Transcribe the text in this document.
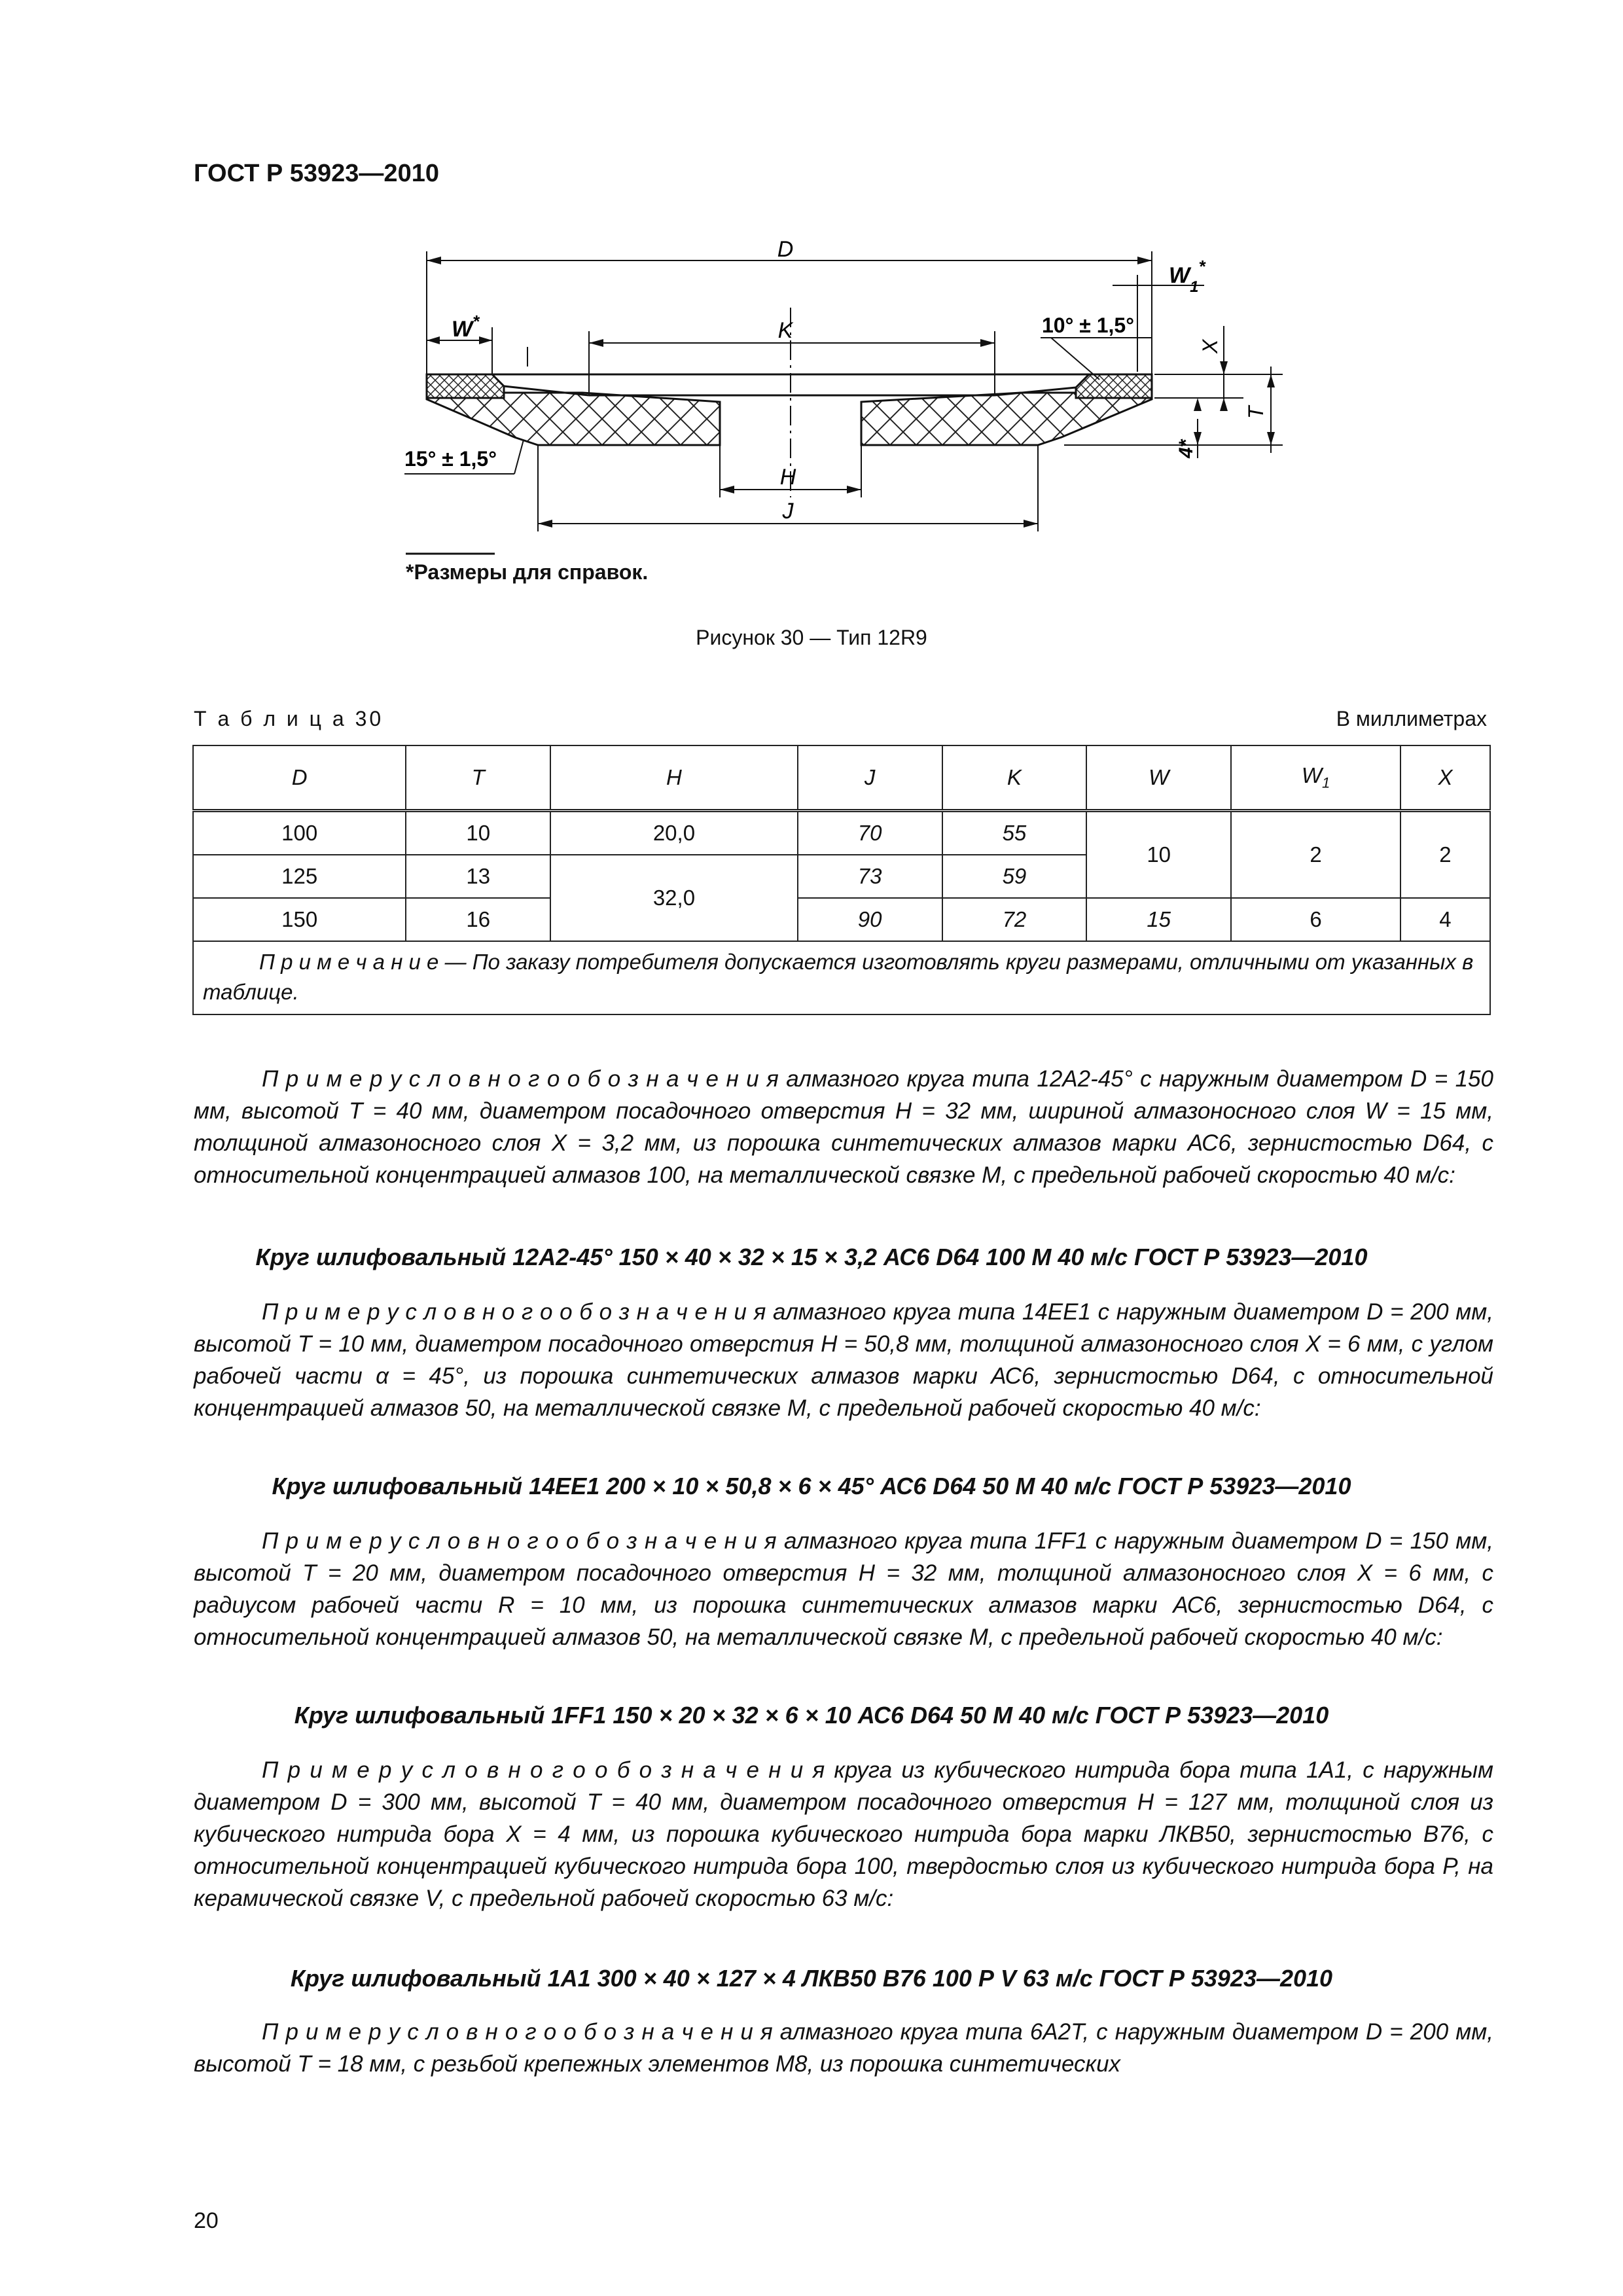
ГОСТ Р 53923—2010
D
$W_1^*$
W*	K	10° ± 1,5°
X
T
4*
15° ± 1,5°
H
J
*Размеры для справок.
Рисунок 30 — Тип 12R9
Т а б л и ц а 30	В миллиметрах
D	T	H	J	K	W	$W_1$	X
100	10	20,0	70	55	10	2	2
125	13	32,0	73	59			
150	16		90	72	15	6	4
П р и м е ч а н и е — По заказу потребителя допускается изготовлять круги размерами, отличными от указанных в таблице.							
П р и м е р у с л о в н о г о о б о з н а ч е н и я алмазного круга типа 12А2-45° с наружным диаметром D = 150 мм, высотой Т = 40 мм, диаметром посадочного отверстия Н = 32 мм, шириной алмазоносного слоя W = 15 мм, толщиной алмазоносного слоя Х = 3,2 мм, из порошка синтетических алмазов марки АС6, зернистостью D64, с относительной концентрацией алмазов 100, на металлической связке М, с предельной рабочей скоростью 40 м/с:
Круг шлифовальный 12А2-45° 150 × 40 × 32 × 15 × 3,2 АС6 D64 100 М 40 м/с ГОСТ Р 53923—2010
П р и м е р у с л о в н о г о о б о з н а ч е н и я алмазного круга типа 14ЕЕ1 с наружным диаметром D = 200 мм, высотой Т = 10 мм, диаметром посадочного отверстия Н = 50,8 мм, толщиной алмазоносного слоя Х = 6 мм, с углом рабочей части α = 45°, из порошка синтетических алмазов марки АС6, зернистостью D64, с относительной концентрацией алмазов 50, на металлической связке М, с предельной рабочей скоростью 40 м/с:
Круг шлифовальный 14ЕЕ1 200 × 10 × 50,8 × 6 × 45° АС6 D64 50 М 40 м/с ГОСТ Р 53923—2010
П р и м е р у с л о в н о г о о б о з н а ч е н и я алмазного круга типа 1FF1 с наружным диаметром D = 150 мм, высотой Т = 20 мм, диаметром посадочного отверстия Н = 32 мм, толщиной алмазоносного слоя Х = 6 мм, с радиусом рабочей части R = 10 мм, из порошка синтетических алмазов марки АС6, зернистостью D64, с относительной концентрацией алмазов 50, на металлической связке М, с предельной рабочей скоростью 40 м/с:
Круг шлифовальный 1FF1 150 × 20 × 32 × 6 × 10 АС6 D64 50 М 40 м/с ГОСТ Р 53923—2010
П р и м е р у с л о в н о г о о б о з н а ч е н и я круга из кубического нитрида бора типа 1А1, с наружным диаметром D = 300 мм, высотой Т = 40 мм, диаметром посадочного отверстия Н = 127 мм, толщиной слоя из кубического нитрида бора Х = 4 мм, из порошка кубического нитрида бора марки ЛКВ50, зернистостью В76, с относительной концентрацией кубического нитрида бора 100, твердостью слоя из кубического нитрида бора Р, на керамической связке V, с предельной рабочей скоростью 63 м/с:
Круг шлифовальный 1А1 300 × 40 × 127 × 4 ЛКВ50 В76 100 Р V 63 м/с ГОСТ Р 53923—2010
П р и м е р у с л о в н о г о о б о з н а ч е н и я алмазного круга типа 6А2Т, с наружным диаметром D = 200 мм, высотой Т = 18 мм, с резьбой крепежных элементов М8, из порошка синтетических
20
